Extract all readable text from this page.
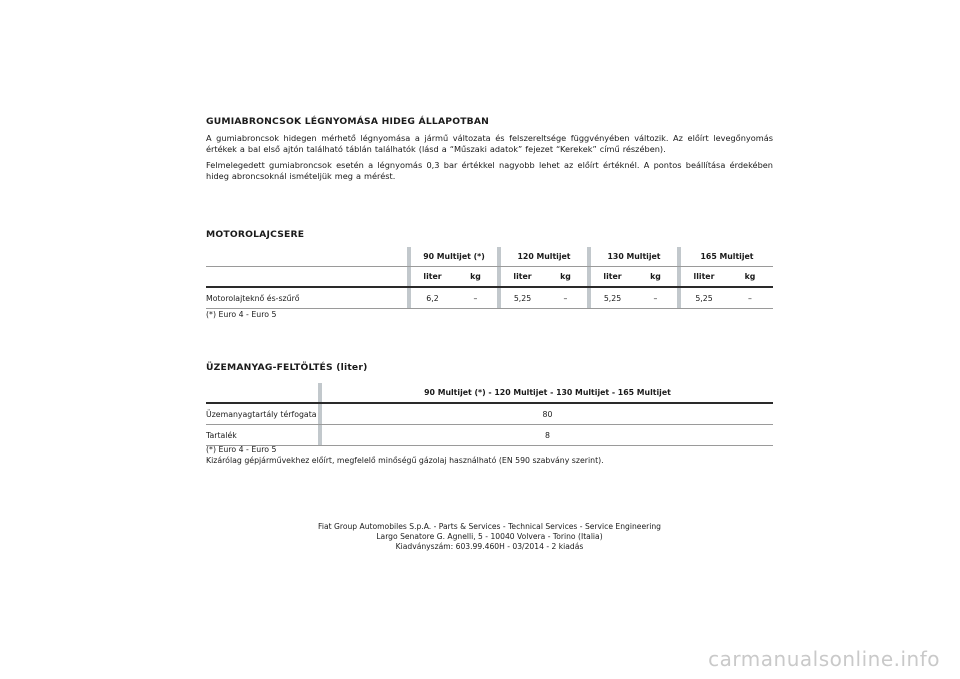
GUMIABRONCSOK LÉGNYOMÁSA HIDEG ÁLLAPOTBAN

A gumiabroncsok hidegen mérhető légnyomása a jármű változata és felszereltsége függvényében változik. Az előírt levegőnyomás értékek a bal első ajtón található táblán találhatók (lásd a “Műszaki adatok” fejezet “Kerekek” című részében).

Felmelegedett gumiabroncsok esetén a légnyomás 0,3 bar értékkel nagyobb lehet az előírt értéknél. A pontos beállítása érdekében hideg abroncsoknál ismételjük meg a mérést.

MOTOROLAJCSERE
90 Multijet (*)	120 Multijet	130 Multijet	165 Multijet
liter	kg	liter	kg	liter	kg	lliter	kg
Motorolajteknő és-szűrő	6,2	–	5,25	–	5,25	–	5,25	–

(*) Euro 4 - Euro 5

ÜZEMANYAG-FELTÖLTÉS (liter)
90 Multijet (*) - 120 Multijet - 130 Multijet - 165 Multijet
Üzemanyagtartály térfogata	80
Tartalék	8

(*) Euro 4 - Euro 5

Kizárólag gépjárművekhez előírt, megfelelő minőségű gázolaj használható (EN 590 szabvány szerint).

Fiat Group Automobiles S.p.A. - Parts & Services - Technical Services - Service Engineering
Largo Senatore G. Agnelli, 5 - 10040 Volvera - Torino (Italia)
Kiadványszám: 603.99.460H - 03/2014 - 2 kiadás
carmanualsonline.info
